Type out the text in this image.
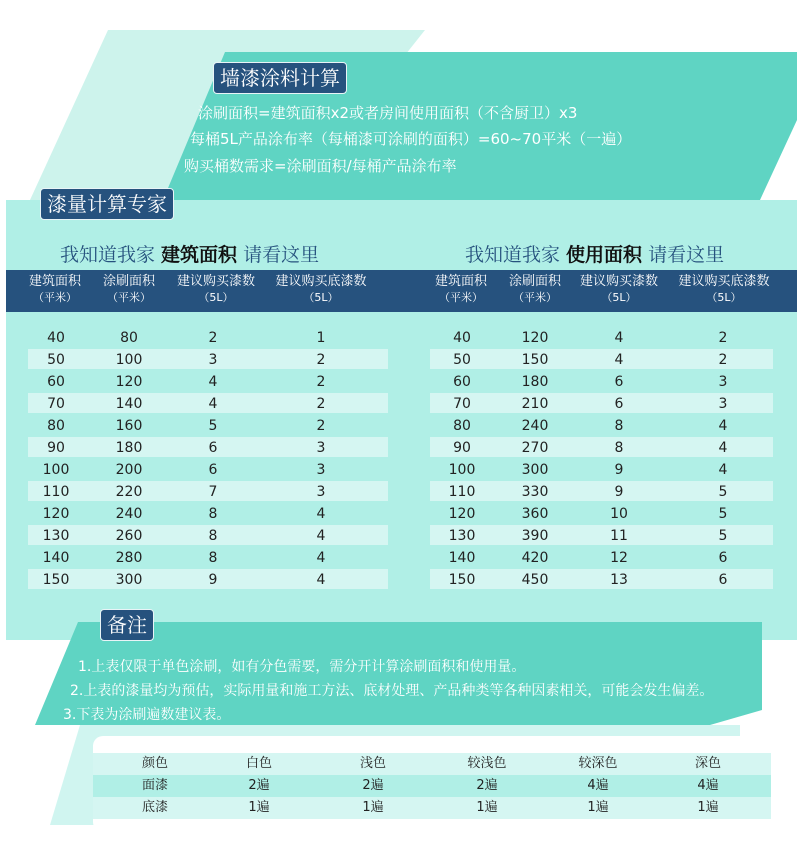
墙漆涂料计算
涂刷面积=建筑面积x2或者房间使用面积（不含厨卫）x3
每桶5L产品涂布率（每桶漆可涂刷的面积）=60~70平米（一遍）
购买桶数需求=涂刷面积/每桶产品涂布率
漆量计算专家
我知道我家 建筑面积 请看这里	我知道我家 使用面积 请看这里
建筑面积
（平米）
涂刷面积
（平米）
建议购买漆数
（5L）
建议购买底漆数
（5L）
建筑面积
（平米）
涂刷面积
（平米）
建议购买漆数
（5L）
建议购买底漆数
（5L）
40	80	2	1
50	100	3	2
60	120	4	2
70	140	4	2
80	160	5	2
90	180	6	3
100	200	6	3
110	220	7	3
120	240	8	4
130	260	8	4
140	280	8	4
150	300	9	4
40	120	4	2
50	150	4	2
60	180	6	3
70	210	6	3
80	240	8	4
90	270	8	4
100	300	9	4
110	330	9	5
120	360	10	5
130	390	11	5
140	420	12	6
150	450	13	6
备注
1.上表仅限于单色涂刷，如有分色需要，需分开计算涂刷面积和使用量。
2.上表的漆量均为预估，实际用量和施工方法、底材处理、产品种类等各种因素相关，可能会发生偏差。
3.下表为涂刷遍数建议表。
颜色	白色	浅色	较浅色	较深色	深色
面漆	2遍	2遍	2遍	4遍	4遍
底漆	1遍	1遍	1遍	1遍	1遍
